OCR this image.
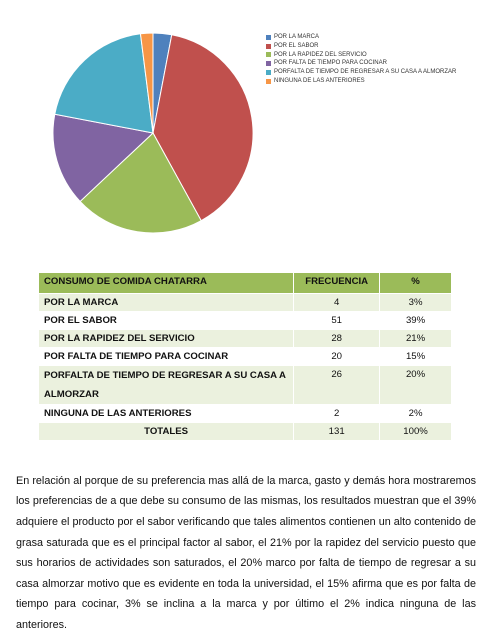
POR LA MARCA
POR EL SABOR
POR LA RAPIDEZ DEL SERVICIO
POR FALTA DE TIEMPO PARA COCINAR
PORFALTA DE TIEMPO DE REGRESAR A SU CASA A ALMORZAR
NINGUNA DE LAS ANTERIORES
CONSUMO DE COMIDA CHATARRA	FRECUENCIA	%
POR LA MARCA	4	3%
POR EL SABOR	51	39%
POR LA RAPIDEZ DEL SERVICIO	28	21%
POR FALTA DE TIEMPO PARA COCINAR	20	15%
PORFALTA DE TIEMPO DE REGRESAR A SU CASA A ALMORZAR	26	20%
NINGUNA DE LAS ANTERIORES	2	2%
TOTALES	131	100%

En relación al porque de su preferencia mas allá de la marca, gasto y demás hora mostraremos los preferencias de a que debe su consumo de las mismas, los resultados muestran que el 39% adquiere el producto por el sabor verificando que tales alimentos contienen un alto contenido de grasa saturada que es el principal factor al sabor, el 21% por la rapidez del servicio puesto que sus horarios de actividades son saturados, el 20% marco por falta de tiempo de regresar a su casa almorzar motivo que es evidente en toda la universidad, el 15% afirma que es por falta de tiempo para cocinar, 3% se inclina a la marca y por último el 2% indica ninguna de las anteriores.
